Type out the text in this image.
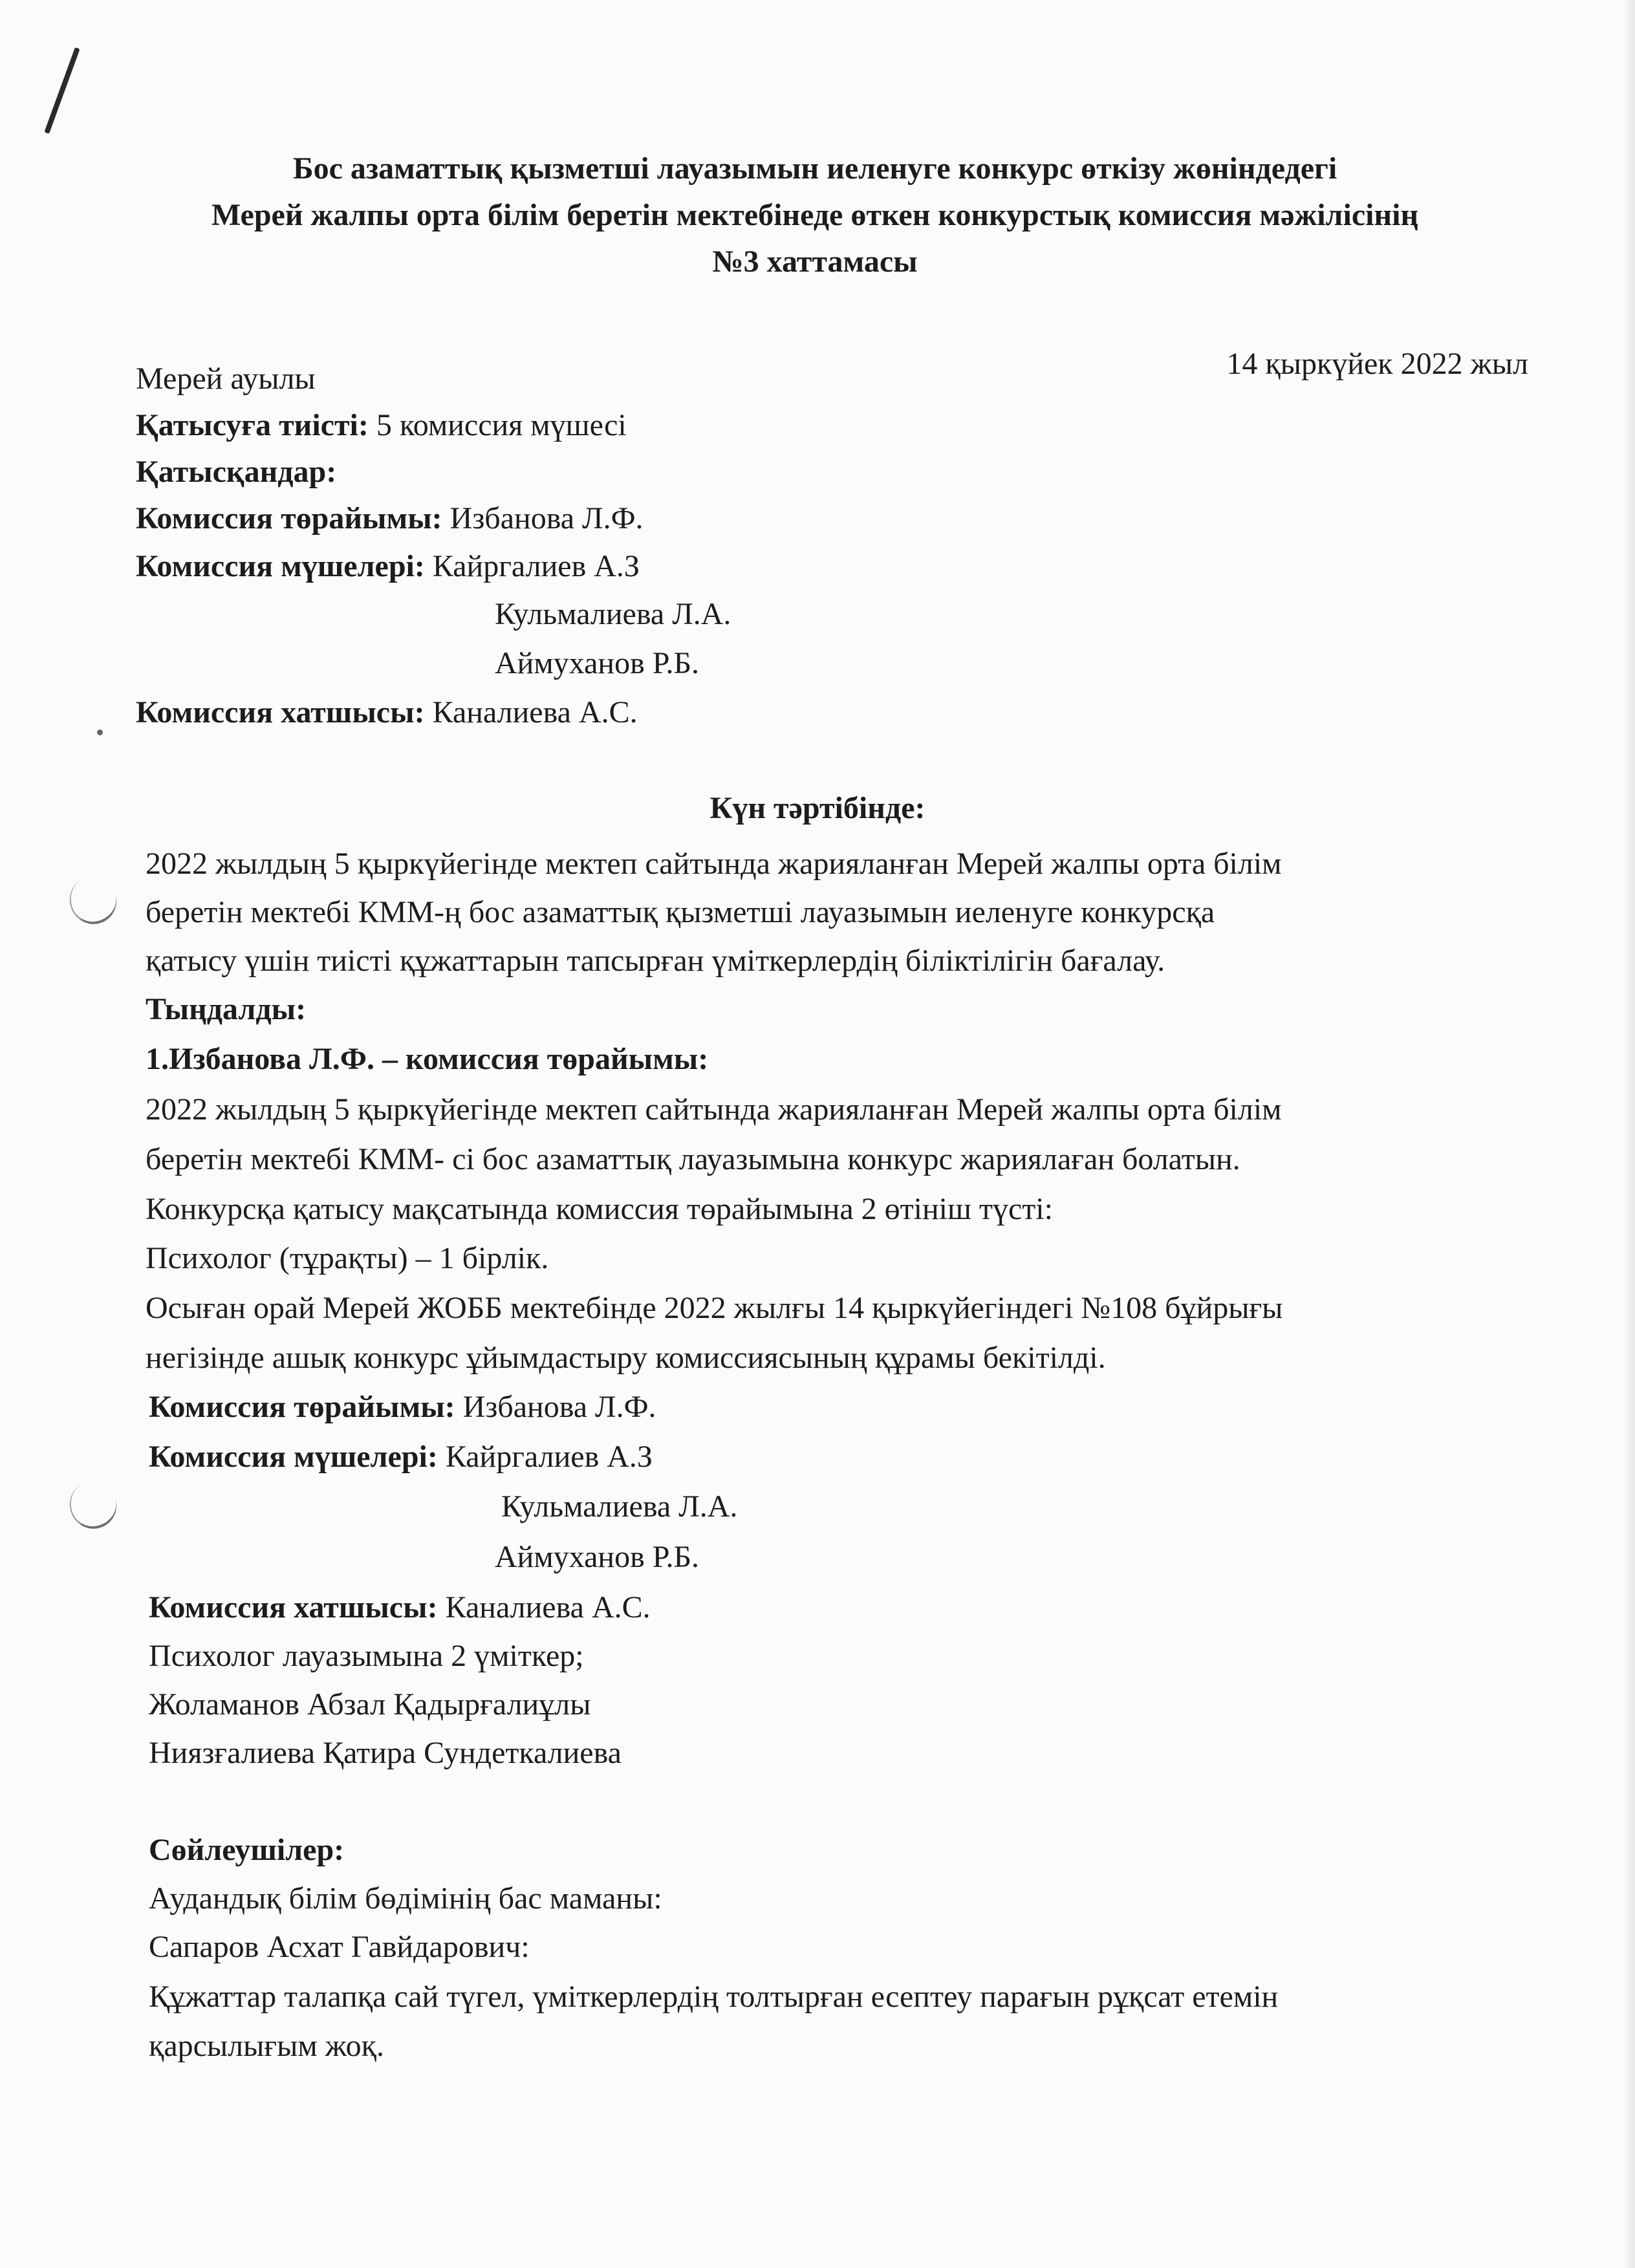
Бос азаматтық қызметші лауазымын иеленуге конкурс өткізу жөніндедегі
Мерей жалпы орта білім беретін мектебінеде өткен конкурстық комиссия мәжілісінің
№3 хаттамасы
Мерей ауылы	14 қыркүйек 2022 жыл
Қатысуға тиісті: 5 комиссия мүшесі
Қатысқандар:
Комиссия төрайымы: Избанова Л.Ф.
Комиссия мүшелері: Кайргалиев А.З
Кульмалиева Л.А.
Аймуханов Р.Б.
Комиссия хатшысы: Каналиева А.С.
Күн тәртібінде:
2022 жылдың 5 қыркүйегінде мектеп сайтында жарияланған Мерей жалпы орта білім
беретін мектебі КММ-ң бос азаматтық қызметші лауазымын иеленуге конкурсқа
қатысу үшін тиісті құжаттарын тапсырған үміткерлердің біліктілігін бағалау.
Тыңдалды:
1.Избанова Л.Ф. – комиссия төрайымы:
2022 жылдың 5 қыркүйегінде мектеп сайтында жарияланған Мерей жалпы орта білім
беретін мектебі КММ- сі бос азаматтық лауазымына конкурс жариялаған болатын.
Конкурсқа қатысу мақсатында комиссия төрайымына 2 өтініш түсті:
Психолог (тұрақты) – 1 бірлік.
Осыған орай Мерей ЖОББ мектебінде 2022 жылғы 14 қыркүйегіндегі №108 бұйрығы
негізінде ашық конкурс ұйымдастыру комиссиясының құрамы бекітілді.
Комиссия төрайымы: Избанова Л.Ф.
Комиссия мүшелері: Кайргалиев А.З
Кульмалиева Л.А.
Аймуханов Р.Б.
Комиссия хатшысы: Каналиева А.С.
Психолог лауазымына 2 үміткер;
Жоламанов Абзал Қадырғалиұлы
Ниязғалиева Қатира Сундеткалиева
Сөйлеушілер:
Аудандық білім бөдімінің бас маманы:
Сапаров Асхат Гавйдарович:
Құжаттар талапқа сай түгел, үміткерлердің толтырған есептеу парағын рұқсат етемін
қарсылығым жоқ.
